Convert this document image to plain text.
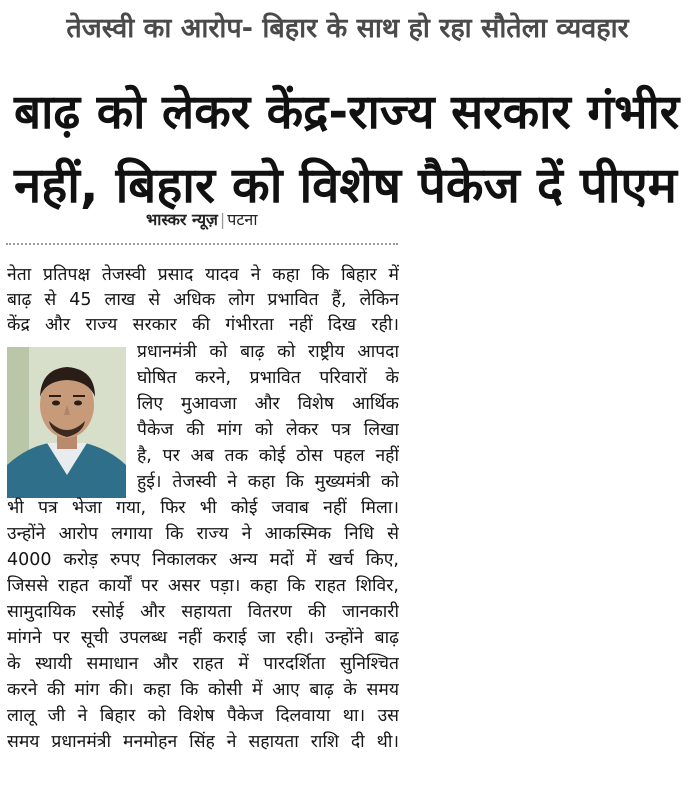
तेजस्वी का आरोप- बिहार के साथ हो रहा सौतेला व्यवहार
बाढ़ को लेकर केंद्र-राज्य सरकार गंभीर
नहीं, बिहार को विशेष पैकेज दें पीएम
भास्कर न्यूज़ | पटना
नेता प्रतिपक्ष तेजस्वी प्रसाद यादव ने कहा कि बिहार में
बाढ़ से 45 लाख से अधिक लोग प्रभावित हैं, लेकिन
केंद्र और राज्य सरकार की गंभीरता नहीं दिख रही।
प्रधानमंत्री को बाढ़ को राष्ट्रीय आपदा
घोषित करने, प्रभावित परिवारों के
लिए मुआवजा और विशेष आर्थिक
पैकेज की मांग को लेकर पत्र लिखा
है, पर अब तक कोई ठोस पहल नहीं
हुई। तेजस्वी ने कहा कि मुख्यमंत्री को
भी पत्र भेजा गया, फिर भी कोई जवाब नहीं मिला।
उन्होंने आरोप लगाया कि राज्य ने आकस्मिक निधि से
4000 करोड़ रुपए निकालकर अन्य मदों में खर्च किए,
जिससे राहत कार्यों पर असर पड़ा। कहा कि राहत शिविर,
सामुदायिक रसोई और सहायता वितरण की जानकारी
मांगने पर सूची उपलब्ध नहीं कराई जा रही। उन्होंने बाढ़
के स्थायी समाधान और राहत में पारदर्शिता सुनिश्चित
करने की मांग की। कहा कि कोसी में आए बाढ़ के समय
लालू जी ने बिहार को विशेष पैकेज दिलवाया था। उस
समय प्रधानमंत्री मनमोहन सिंह ने सहायता राशि दी थी।
